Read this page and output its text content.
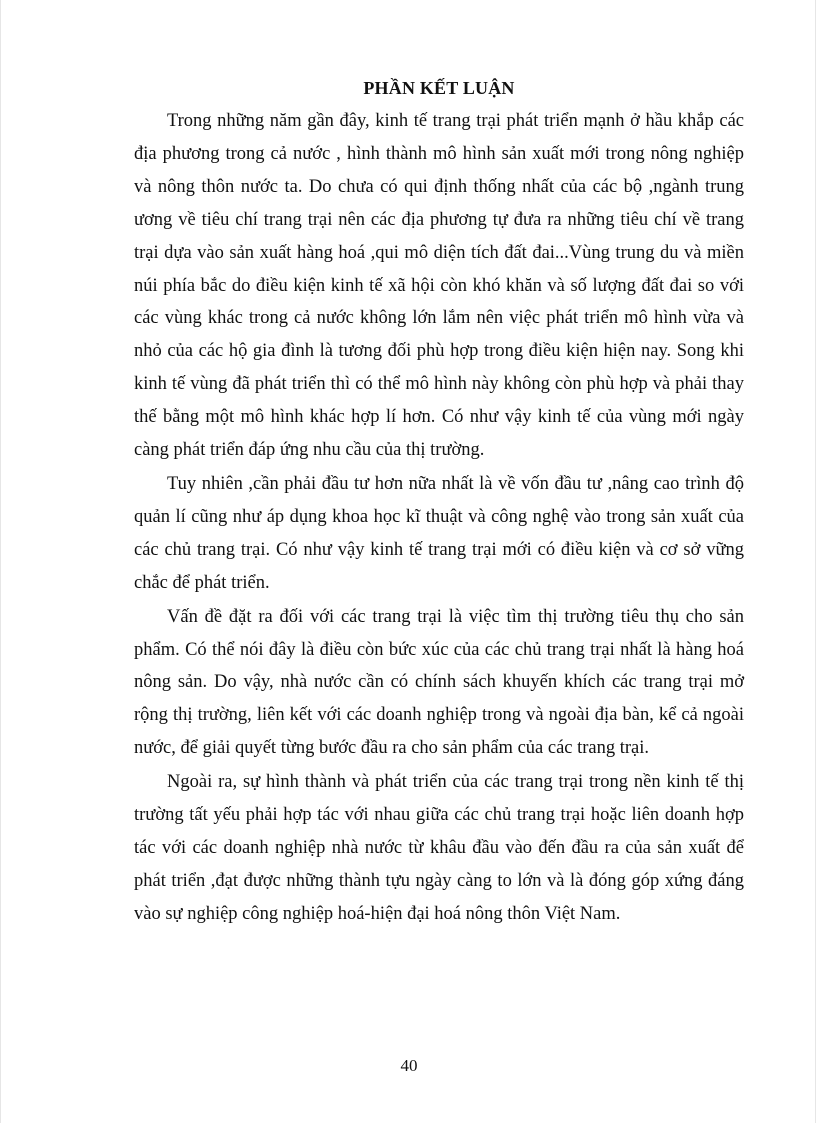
PHẦN KẾT LUẬN

Trong những năm gần đây, kinh tế trang trại phát triển mạnh ở hầu khắp các địa phương trong cả nước , hình thành mô hình sản xuất mới trong nông nghiệp và nông thôn nước ta. Do chưa có qui định thống nhất của các bộ ,ngành trung ương về tiêu chí trang trại nên các địa phương tự đưa ra những tiêu chí về trang trại dựa vào sản xuất hàng hoá ,qui mô diện tích đất đai...Vùng trung du và miền núi phía bắc do điều kiện kinh tế xã hội còn khó khăn và số lượng đất đai so với các vùng khác trong cả nước không lớn lắm nên việc phát triển mô hình vừa và nhỏ của các hộ gia đình là tương đối phù hợp trong điều kiện hiện nay. Song khi kinh tế vùng đã phát triển thì có thể mô hình này không còn phù hợp và phải thay thế bằng một mô hình khác hợp lí hơn. Có như vậy kinh tế của vùng mới ngày càng phát triển đáp ứng nhu cầu của thị trường.

Tuy nhiên ,cần phải đầu tư hơn nữa nhất là về vốn đầu tư ,nâng cao trình độ quản lí cũng như áp dụng khoa học kĩ thuật và công nghệ vào trong sản xuất của các chủ trang trại. Có như vậy kinh tế trang trại mới có điều kiện và cơ sở vững chắc để phát triển.

Vấn đề đặt ra đối với các trang trại là việc tìm thị trường tiêu thụ cho sản phẩm. Có thể nói đây là điều còn bức xúc của các chủ trang trại nhất là hàng hoá nông sản. Do vậy, nhà nước cần có chính sách khuyến khích các trang trại mở rộng thị trường, liên kết với các doanh nghiệp trong và ngoài địa bàn, kể cả ngoài nước, để giải quyết từng bước đầu ra cho sản phẩm của các trang trại.

Ngoài ra, sự hình thành và phát triển của các trang trại trong nền kinh tế thị trường tất yếu phải hợp tác với nhau giữa các chủ trang trại hoặc liên doanh hợp tác với các doanh nghiệp nhà nước từ khâu đầu vào đến đầu ra của sản xuất để phát triển ,đạt được những thành tựu ngày càng to lớn và là đóng góp xứng đáng vào sự nghiệp công nghiệp hoá-hiện đại hoá nông thôn Việt Nam.

40
